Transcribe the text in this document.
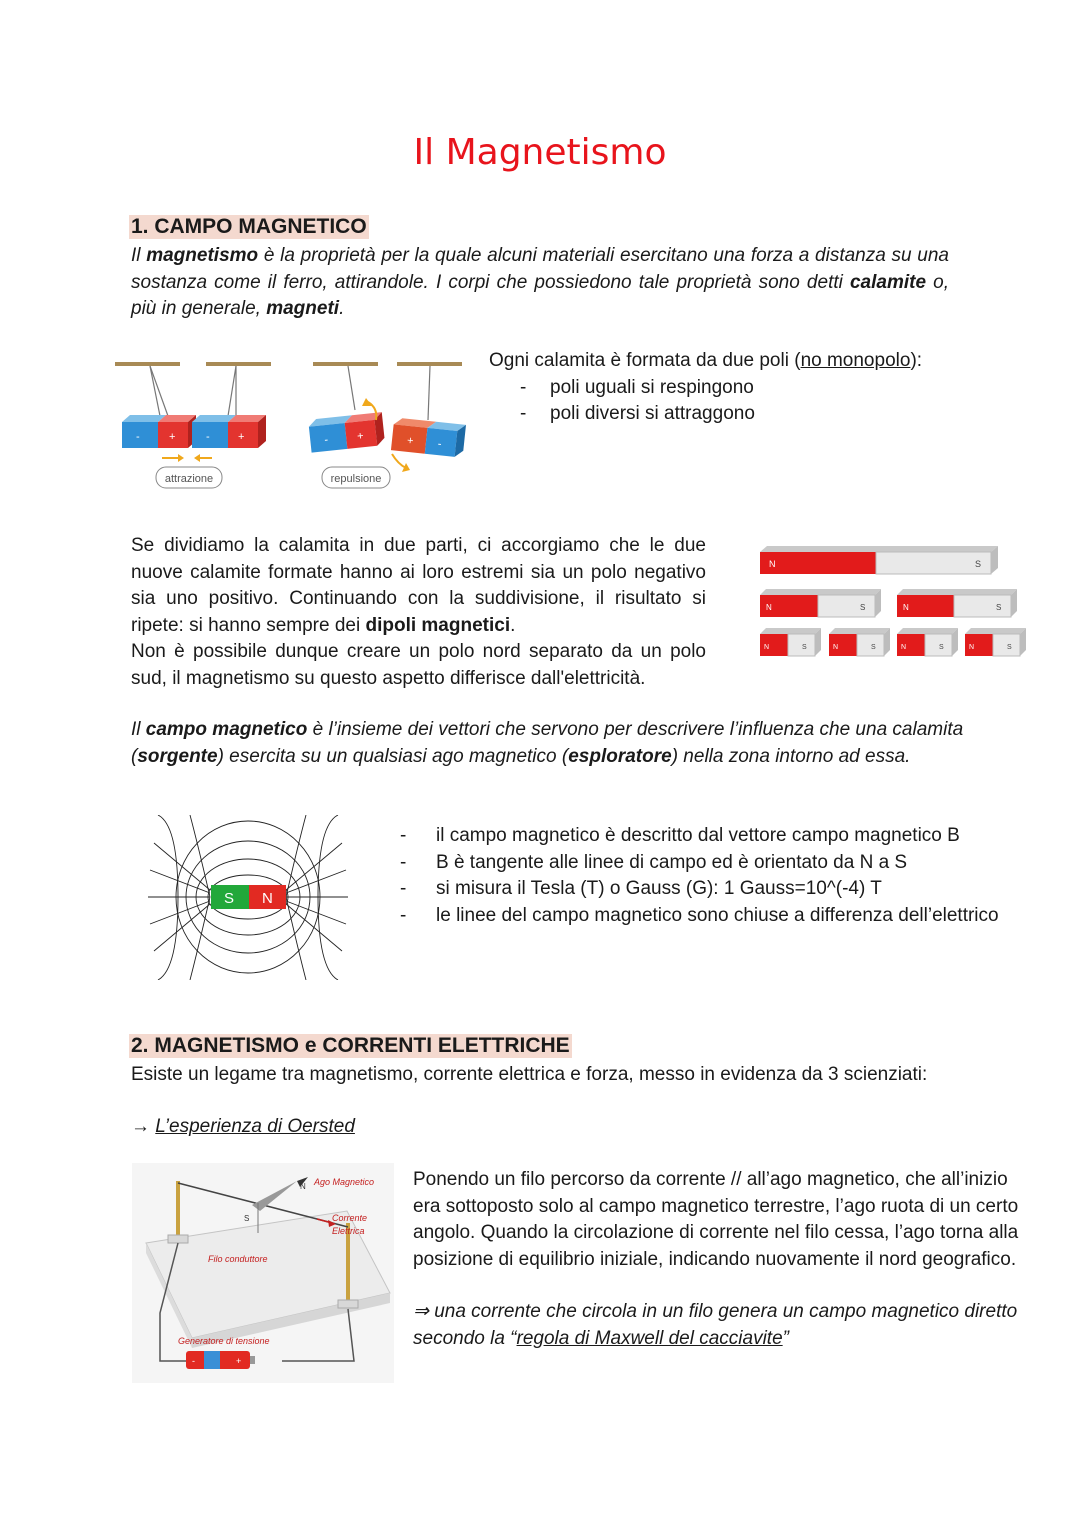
Il Magnetismo
1. CAMPO MAGNETICO
Il magnetismo è la proprietà per la quale alcuni materiali esercitano una forza a distanza su una sostanza come il ferro, attirandole. I corpi che possiedono tale proprietà sono detti calamite o, più in generale, magneti.
-	+	-	+	-	+	+ -
attrazione	repulsione
Ogni calamita è formata da due poli (no monopolo):
-	poli uguali si respingono
-	poli diversi si attraggono
Se dividiamo la calamita in due parti, ci accorgiamo che le due nuove calamite formate hanno ai loro estremi sia un polo negativo sia uno positivo. Continuando con la suddivisione, il risultato si ripete: si hanno sempre dei dipoli magnetici.
Non è possibile dunque creare un polo nord separato da un polo sud, il magnetismo su questo aspetto differisce dall'elettricità.
N	S
N	S	N	S
N	S	N	S	N	S	N	S
Il campo magnetico è l’insieme dei vettori che servono per descrivere l’influenza che una calamita (sorgente) esercita su un qualsiasi ago magnetico (esploratore) nella zona intorno ad essa.
S N
-	il campo magnetico è descritto dal vettore campo magnetico B
-	B è tangente alle linee di campo ed è orientato da N a S
-	si misura il Tesla (T) o Gauss (G): 1 Gauss=10^(-4) T
-	le linee del campo magnetico sono chiuse a differenza dell’elettrico
2. MAGNETISMO e CORRENTI ELETTRICHE
Esiste un legame tra magnetismo, corrente elettrica e forza, messo in evidenza da 3 scienziati:
→ L’esperienza di Oersted
S
N Ago Magnetico
Corrente
Elettrica
Filo conduttore
Generatore di tensione
-	+
Ponendo un filo percorso da corrente // all’ago magnetico, che all’inizio era sottoposto solo al campo magnetico terrestre, l’ago ruota di un certo angolo. Quando la circolazione di corrente nel filo cessa, l’ago torna alla posizione di equilibrio iniziale, indicando nuovamente il nord geografico.
⇒ una corrente che circola in un filo genera un campo magnetico diretto secondo la “regola di Maxwell del cacciavite”
